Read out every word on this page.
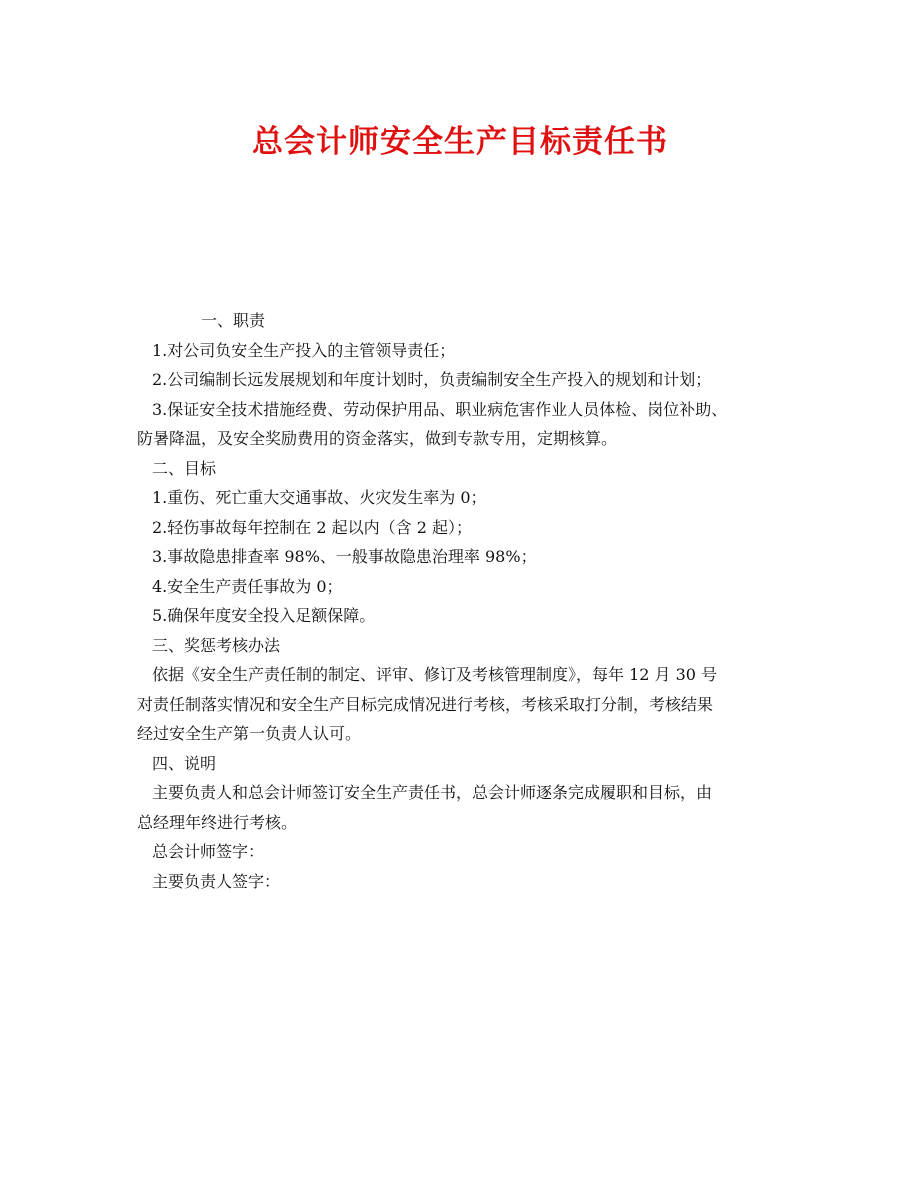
总会计师安全生产目标责任书

一、职责

1.对公司负安全生产投入的主管领导责任；

2.公司编制长远发展规划和年度计划时，负责编制安全生产投入的规划和计划；

3.保证安全技术措施经费、劳动保护用品、职业病危害作业人员体检、岗位补助、

防暑降温，及安全奖励费用的资金落实，做到专款专用，定期核算。

二、目标

1.重伤、死亡重大交通事故、火灾发生率为 0；

2.轻伤事故每年控制在 2 起以内（含 2 起）；

3.事故隐患排查率 98%、一般事故隐患治理率 98%；

4.安全生产责任事故为 0；

5.确保年度安全投入足额保障。

三、奖惩考核办法

依据《安全生产责任制的制定、评审、修订及考核管理制度》，每年 12 月 30 号

对责任制落实情况和安全生产目标完成情况进行考核，考核采取打分制，考核结果

经过安全生产第一负责人认可。

四、说明

主要负责人和总会计师签订安全生产责任书，总会计师逐条完成履职和目标，由

总经理年终进行考核。

总会计师签字：

主要负责人签字：
